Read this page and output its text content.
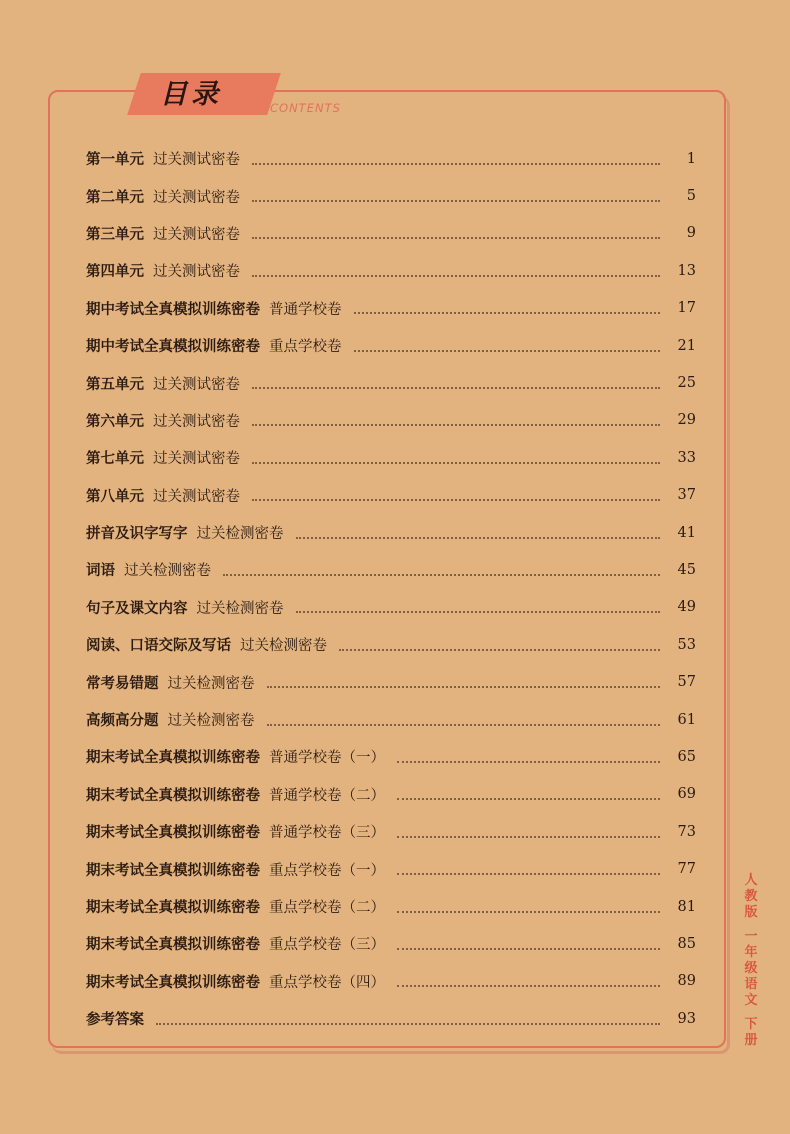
目录	CONTENTS
第一单元 过关测试密卷	1
第二单元 过关测试密卷	5
第三单元 过关测试密卷	9
第四单元 过关测试密卷	13
期中考试全真模拟训练密卷 普通学校卷	17
期中考试全真模拟训练密卷 重点学校卷	21
第五单元 过关测试密卷	25
第六单元 过关测试密卷	29
第七单元 过关测试密卷	33
第八单元 过关测试密卷	37
拼音及识字写字 过关检测密卷	41
词语 过关检测密卷	45
句子及课文内容 过关检测密卷	49
阅读、口语交际及写话 过关检测密卷	53
常考易错题 过关检测密卷	57
高频高分题 过关检测密卷	61
期末考试全真模拟训练密卷 普通学校卷（一）	65
期末考试全真模拟训练密卷 普通学校卷（二）	69
期末考试全真模拟训练密卷 普通学校卷（三）	73
期末考试全真模拟训练密卷 重点学校卷（一）	77
期末考试全真模拟训练密卷 重点学校卷（二）	81
期末考试全真模拟训练密卷 重点学校卷（三）	85
期末考试全真模拟训练密卷 重点学校卷（四）	89
参考答案	93
人
教
版
一
年
级
语
文
下
册
